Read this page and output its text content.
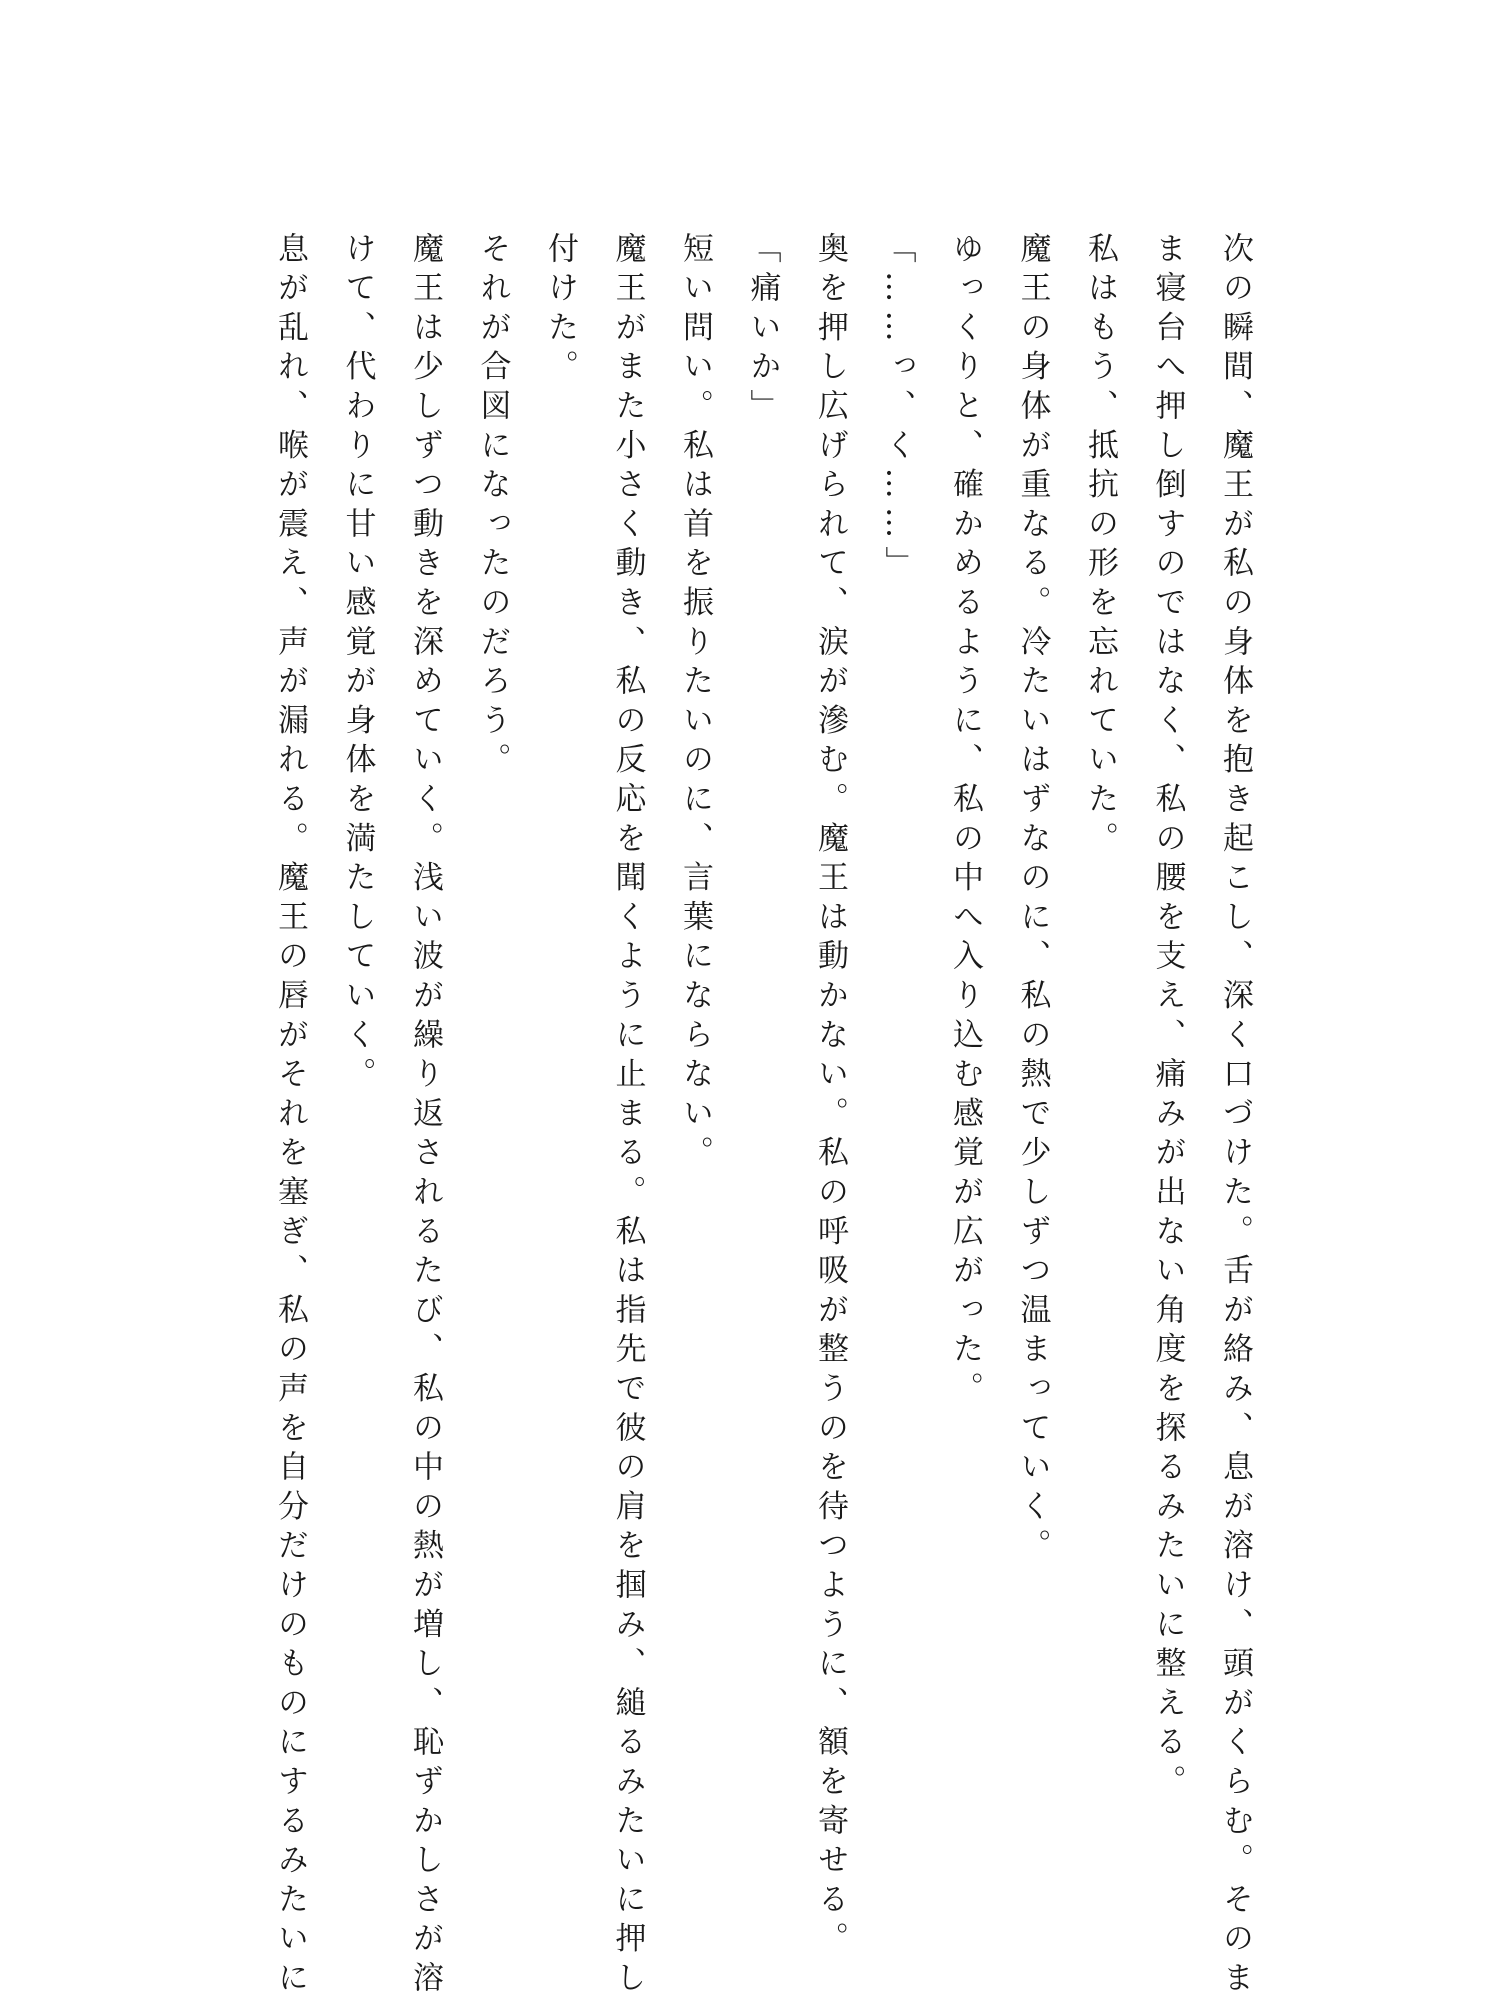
次の瞬間、魔王が私の身体を抱き起こし、深く口づけた。舌が絡み、息が溶け、頭がくらむ。そのま
ま寝台へ押し倒すのではなく、私の腰を支え、痛みが出ない角度を探るみたいに整える。
私はもう、抵抗の形を忘れていた。
魔王の身体が重なる。冷たいはずなのに、私の熱で少しずつ温まっていく。
ゆっくりと、確かめるように、私の中へ入り込む感覚が広がった。
「……っ、く……」
奥を押し広げられて、涙が滲む。魔王は動かない。私の呼吸が整うのを待つように、額を寄せる。
「痛いか」
短い問い。私は首を振りたいのに、言葉にならない。
魔王がまた小さく動き、私の反応を聞くように止まる。私は指先で彼の肩を掴み、縋るみたいに押し
付けた。
それが合図になったのだろう。
魔王は少しずつ動きを深めていく。浅い波が繰り返されるたび、私の中の熱が増し、恥ずかしさが溶
けて、代わりに甘い感覚が身体を満たしていく。
息が乱れ、喉が震え、声が漏れる。魔王の唇がそれを塞ぎ、私の声を自分だけのものにするみたいに
